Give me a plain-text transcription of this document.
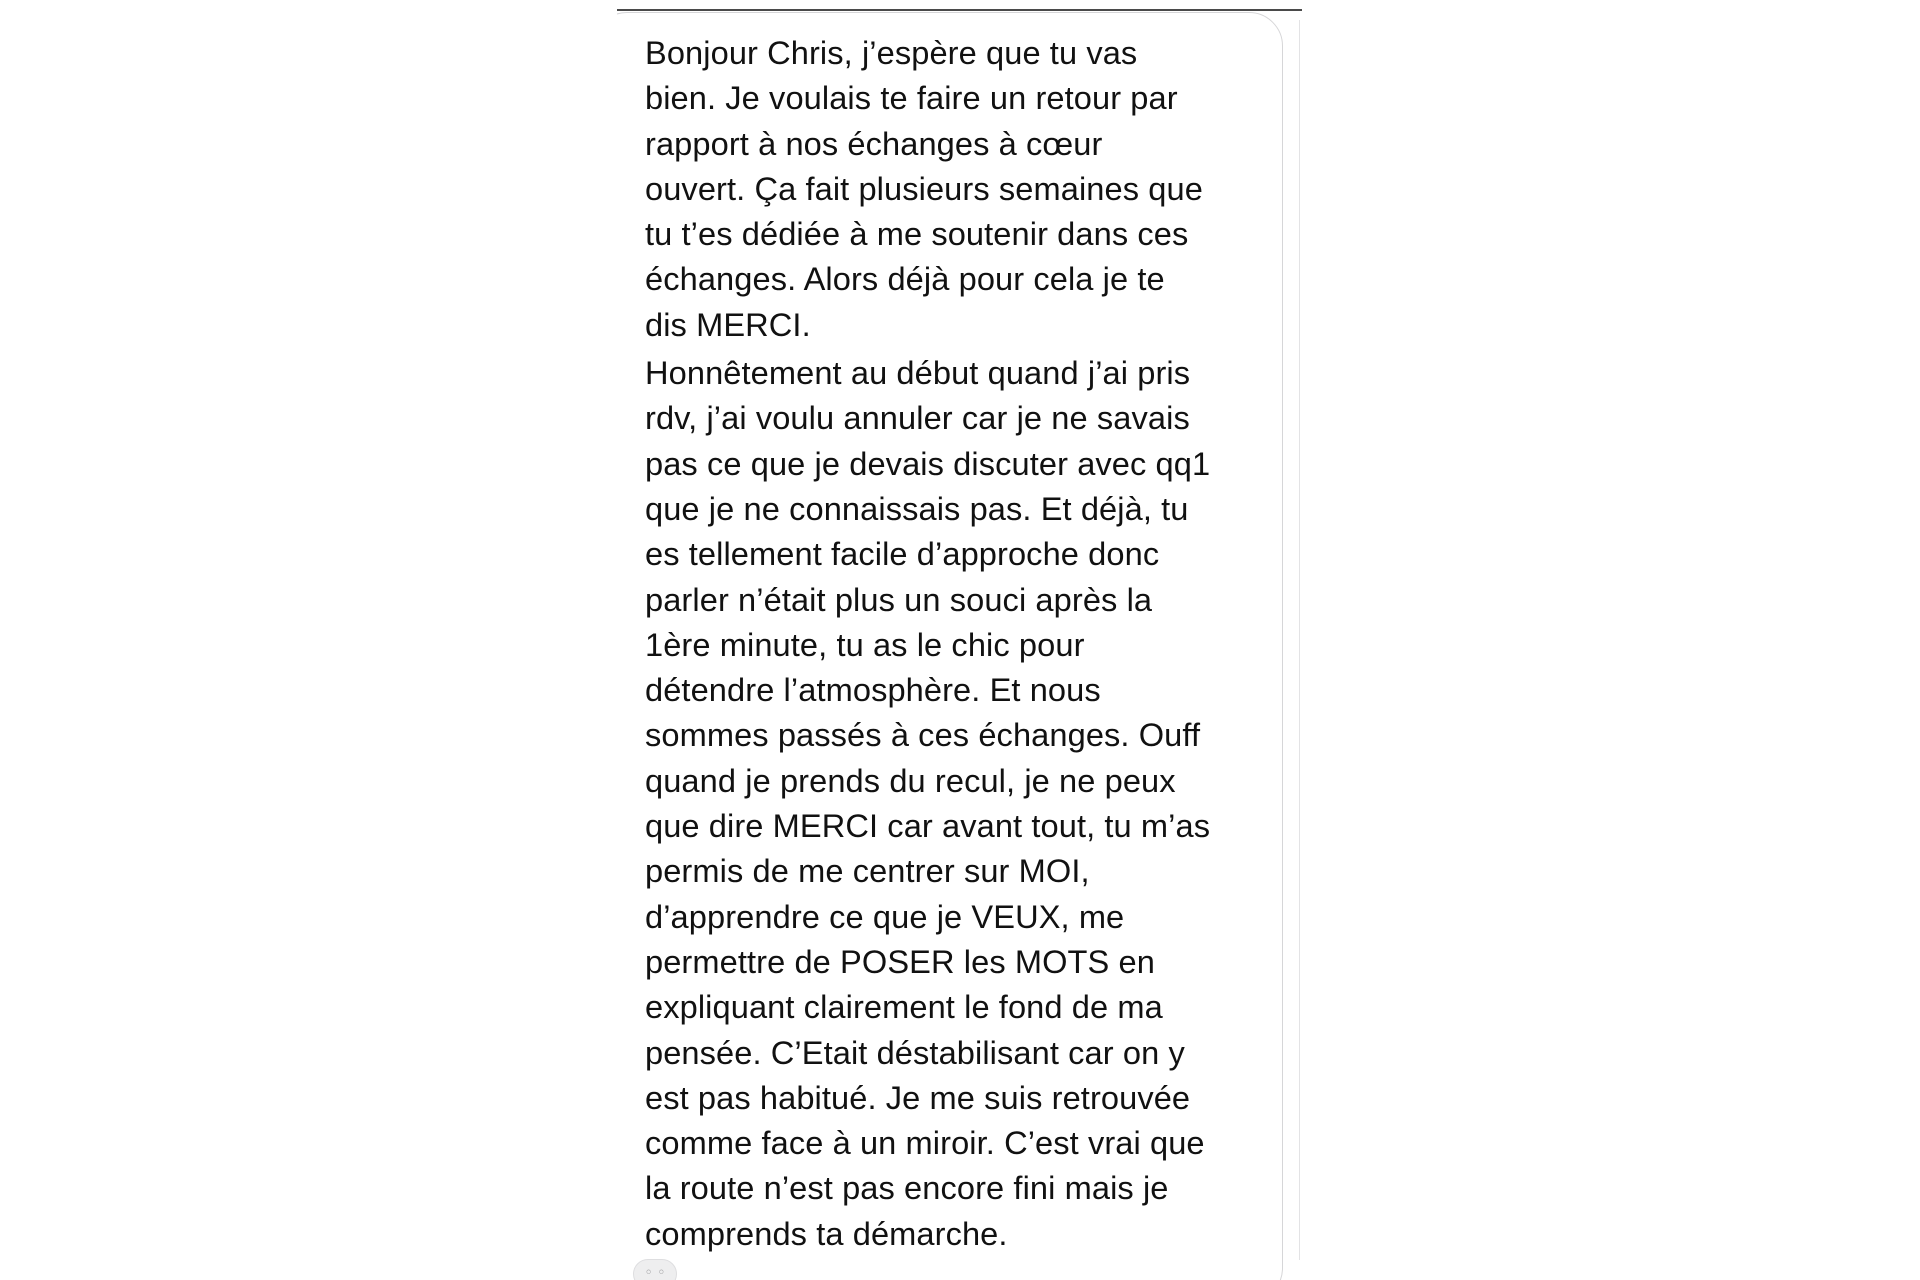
Bonjour Chris, j’espère que tu vas
bien. Je voulais te faire un retour par
rapport à nos échanges à cœur
ouvert. Ça fait plusieurs semaines que
tu t’es dédiée à me soutenir dans ces
échanges. Alors déjà pour cela je te
dis MERCI.

Honnêtement au début quand j’ai pris
rdv, j’ai voulu annuler car je ne savais
pas ce que je devais discuter avec qq1
que je ne connaissais pas. Et déjà, tu
es tellement facile d’approche donc
parler n’était plus un souci après la
1ère minute, tu as le chic pour
détendre l’atmosphère. Et nous
sommes passés à ces échanges. Ouff
quand je prends du recul, je ne peux
que dire MERCI car avant tout, tu m’as
permis de me centrer sur MOI,
d’apprendre ce que je VEUX, me
permettre de POSER les MOTS en
expliquant clairement le fond de ma
pensée. C’Etait déstabilisant car on y
est pas habitué. Je me suis retrouvée
comme face à un miroir. C’est vrai que
la route n’est pas encore fini mais je
comprends ta démarche.

◦ ◦
